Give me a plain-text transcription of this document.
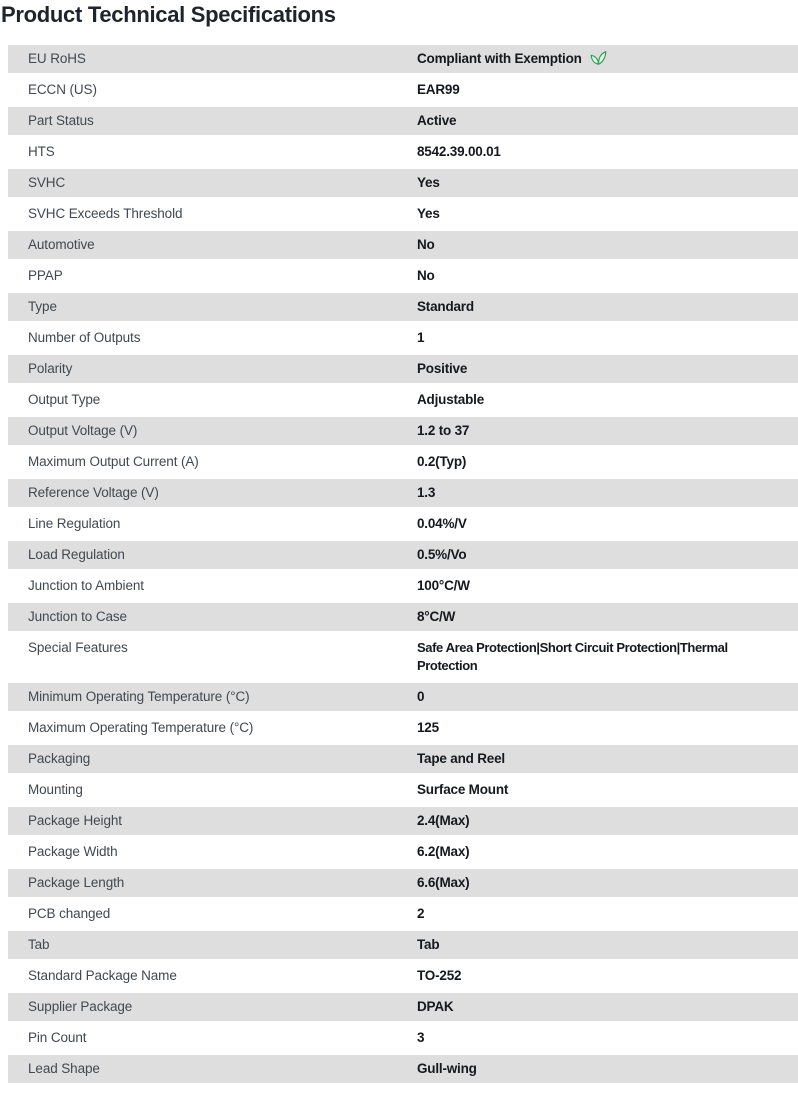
Product Technical Specifications
EU RoHS	Compliant with Exemption
ECCN (US)	EAR99
Part Status	Active
HTS	8542.39.00.01
SVHC	Yes
SVHC Exceeds Threshold	Yes
Automotive	No
PPAP	No
Type	Standard
Number of Outputs	1
Polarity	Positive
Output Type	Adjustable
Output Voltage (V)	1.2 to 37
Maximum Output Current (A)	0.2(Typ)
Reference Voltage (V)	1.3
Line Regulation	0.04%/V
Load Regulation	0.5%/Vo
Junction to Ambient	100°C/W
Junction to Case	8°C/W
Special Features	Safe Area Protection|Short Circuit Protection|Thermal Protection
Minimum Operating Temperature (°C)	0
Maximum Operating Temperature (°C)	125
Packaging	Tape and Reel
Mounting	Surface Mount
Package Height	2.4(Max)
Package Width	6.2(Max)
Package Length	6.6(Max)
PCB changed	2
Tab	Tab
Standard Package Name	TO-252
Supplier Package	DPAK
Pin Count	3
Lead Shape	Gull-wing
